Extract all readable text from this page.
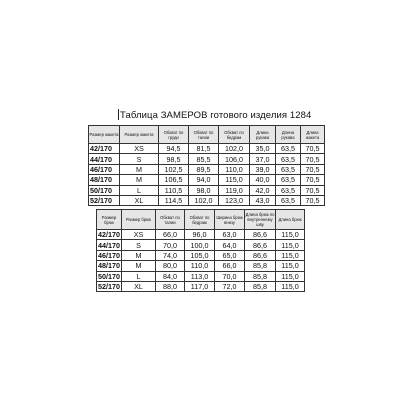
Таблица ЗАМЕРОВ готового изделия 1284
Размер жакета	Размер жакета	Обхват по груди	Обхват по талии	Обхват по бедрам	Длина рукава	Длина рукава	Длина жакета
42/170	XS	94,5	81,5	102,0	35,0	63,5	70,5
44/170	S	98,5	85,5	106,0	37,0	63,5	70,5
46/170	M	102,5	89,5	110,0	39,0	63,5	70,5
48/170	M	106,5	94,0	115,0	40,0	63,5	70,5
50/170	L	110,5	98,0	119,0	42,0	63,5	70,5
52/170	XL	114,5	102,0	123,0	43,0	63,5	70,5
Размер брюк	Размер брюк	Обхват по талии	Обхват по бедрам	Ширина брюк внизу	Длина брюк по внутреннему шву	Длина брюк
42/170	XS	66,0	96,0	63,0	86,6	115,0
44/170	S	70,0	100,0	64,0	86,6	115,0
46/170	M	74,0	105,0	65,0	86,6	115,0
48/170	M	80,0	110,0	66,0	85,8	115,0
50/170	L	84,0	113,0	70,0	85,8	115,0
52/170	XL	88,0	117,0	72,0	85,8	115,0
